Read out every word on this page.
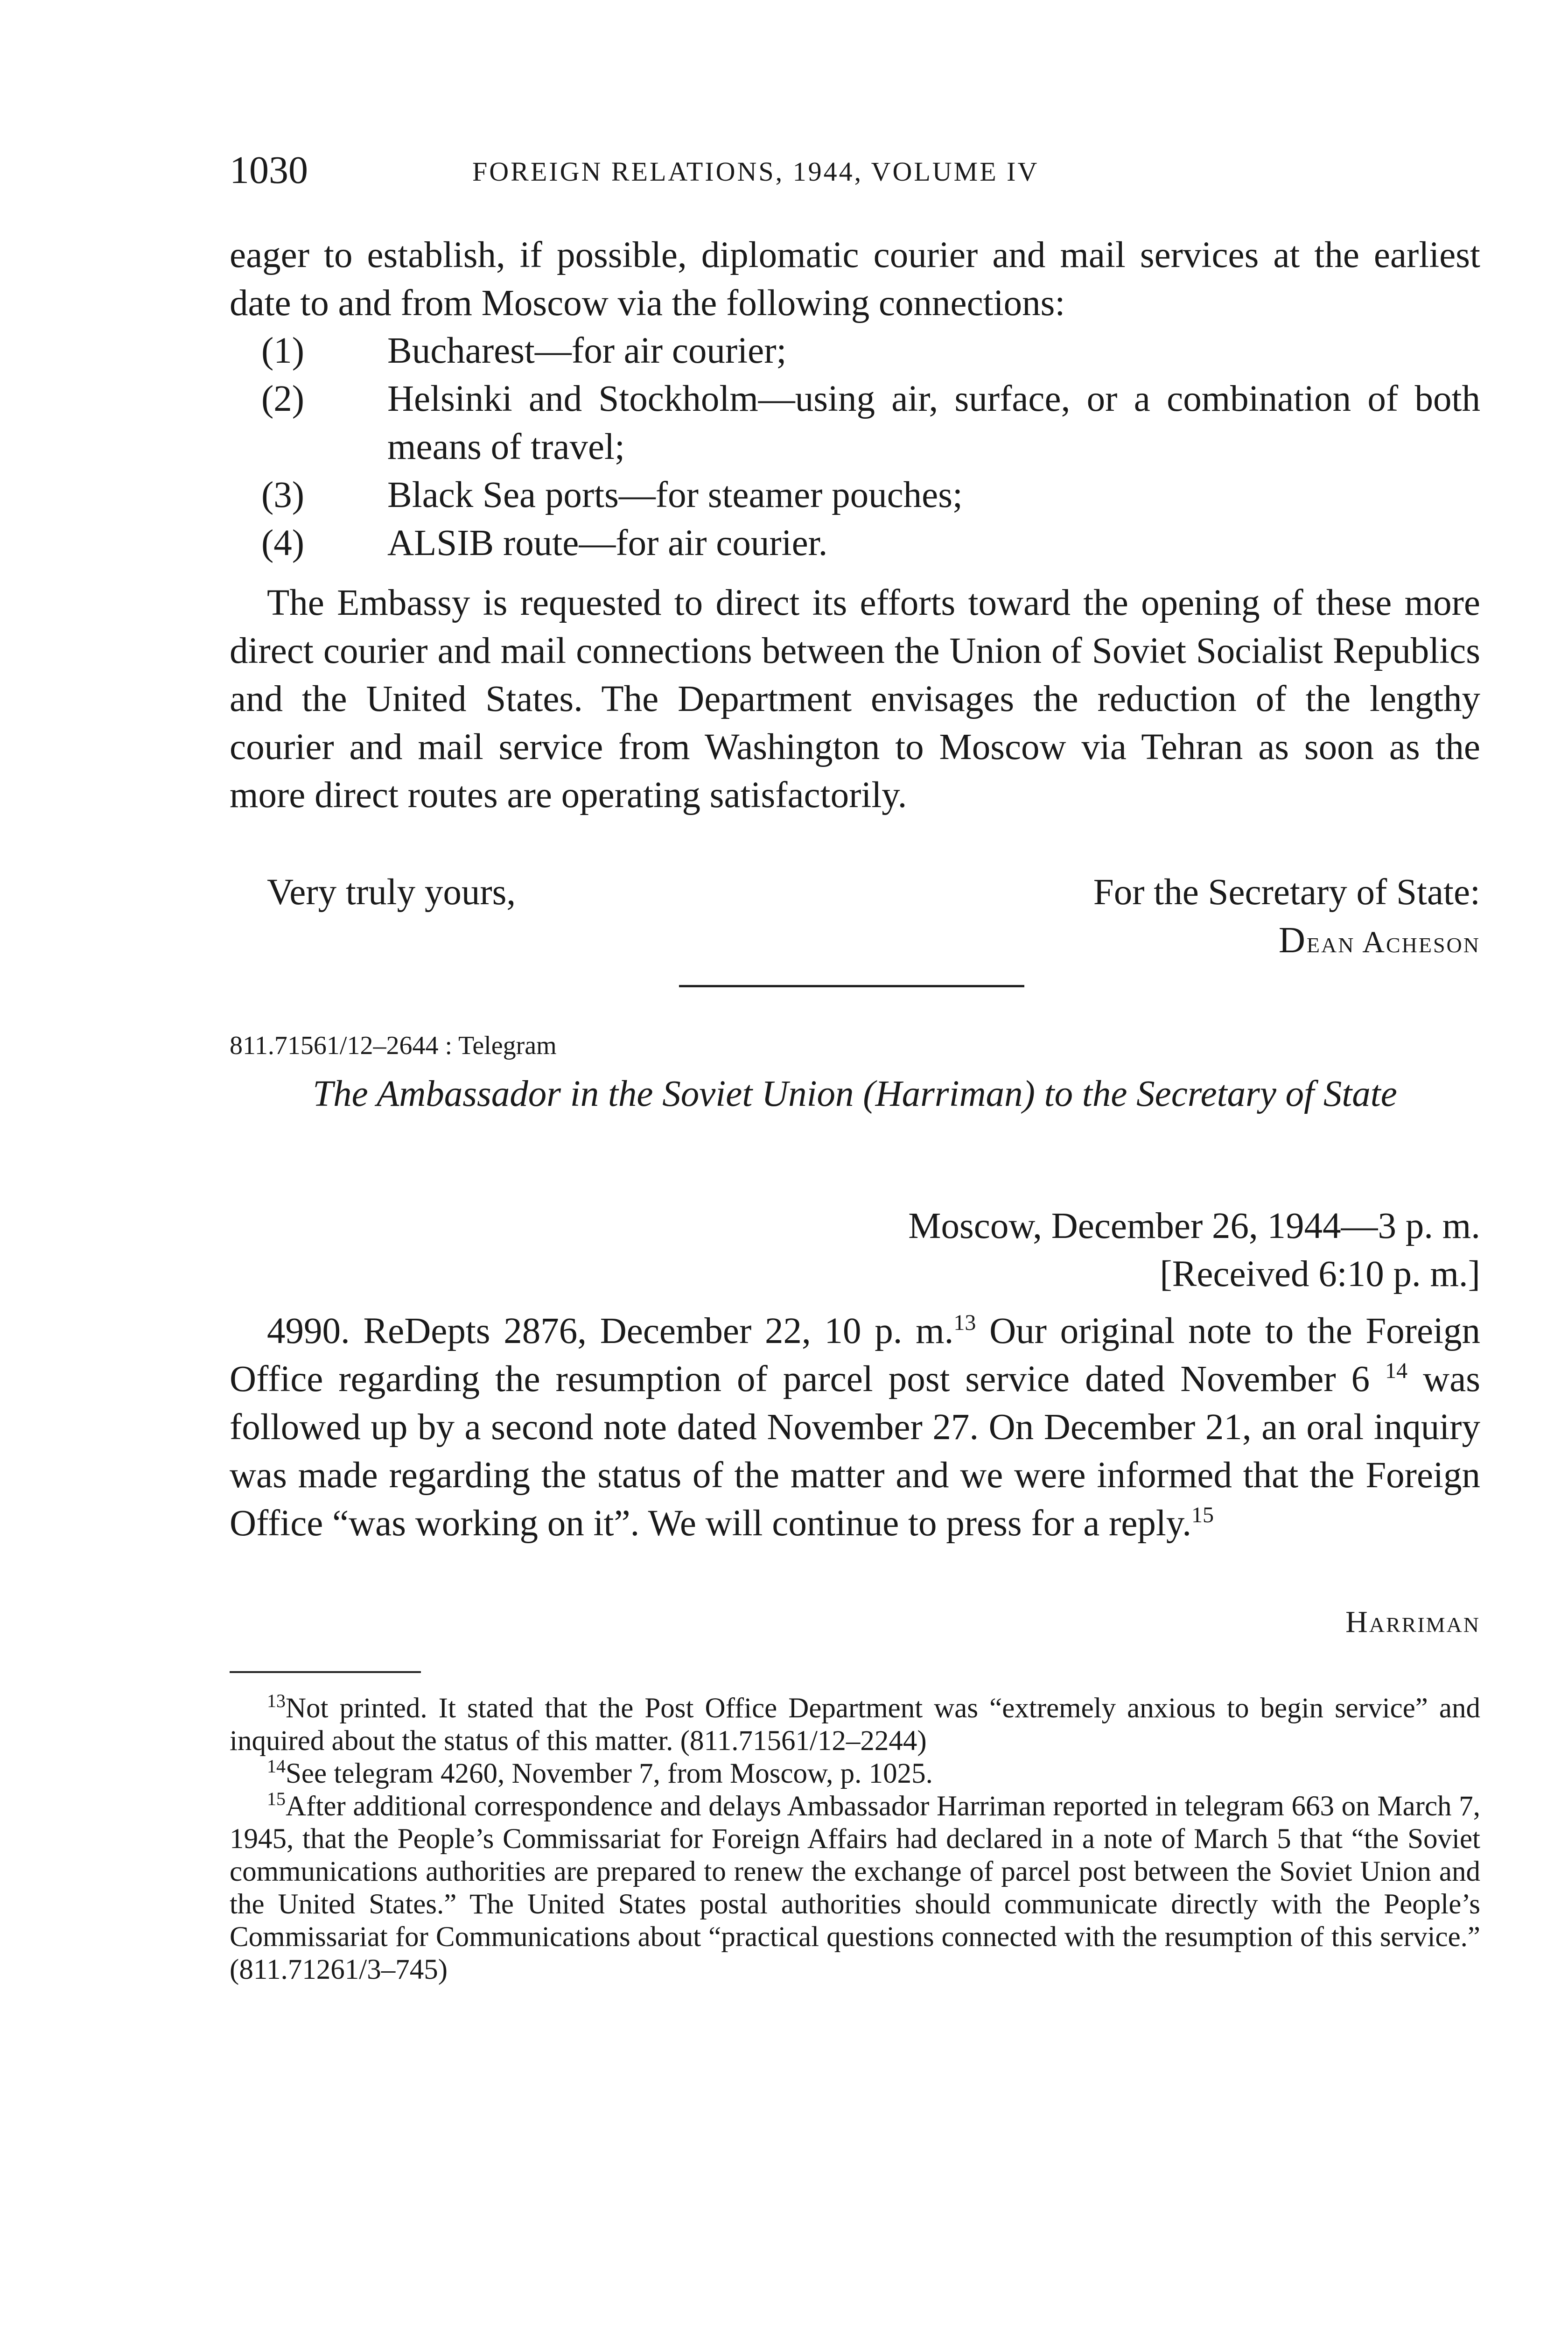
1030	FOREIGN RELATIONS, 1944, VOLUME IV
eager to establish, if possible, diplomatic courier and mail services at the earliest date to and from Moscow via the following connections:
(1) Bucharest—for air courier;
(2) Helsinki and Stockholm—using air, surface, or a combination of both means of travel;
(3) Black Sea ports—for steamer pouches;
(4) ALSIB route—for air courier.
The Embassy is requested to direct its efforts toward the opening of these more direct courier and mail connections between the Union of Soviet Socialist Republics and the United States. The Department envisages the reduction of the lengthy courier and mail service from Washington to Moscow via Tehran as soon as the more direct routes are operating satisfactorily.
Very truly yours,	For the Secretary of State:
Dean Acheson
811.71561/12–2644 : Telegram
The Ambassador in the Soviet Union (Harriman) to the Secretary of State
Moscow, December 26, 1944—3 p. m.
[Received 6:10 p. m.]
4990. ReDepts 2876, December 22, 10 p. m.$^{13}$ Our original note to the Foreign Office regarding the resumption of parcel post service dated November 6 $^{14}$ was followed up by a second note dated November 27. On December 21, an oral inquiry was made regarding the status of the matter and we were informed that the Foreign Office “was working on it”. We will continue to press for a reply.$^{15}$
Harriman

$^{13}$Not printed. It stated that the Post Office Department was “extremely anxious to begin service” and inquired about the status of this matter. (811.71561/12–2244)

$^{14}$See telegram 4260, November 7, from Moscow, p. 1025.

$^{15}$After additional correspondence and delays Ambassador Harriman reported in telegram 663 on March 7, 1945, that the People’s Commissariat for Foreign Affairs had declared in a note of March 5 that “the Soviet communications authorities are prepared to renew the exchange of parcel post between the Soviet Union and the United States.” The United States postal authorities should communicate directly with the People’s Commissariat for Communications about “practical questions connected with the resumption of this service.” (811.71261/3–745)
